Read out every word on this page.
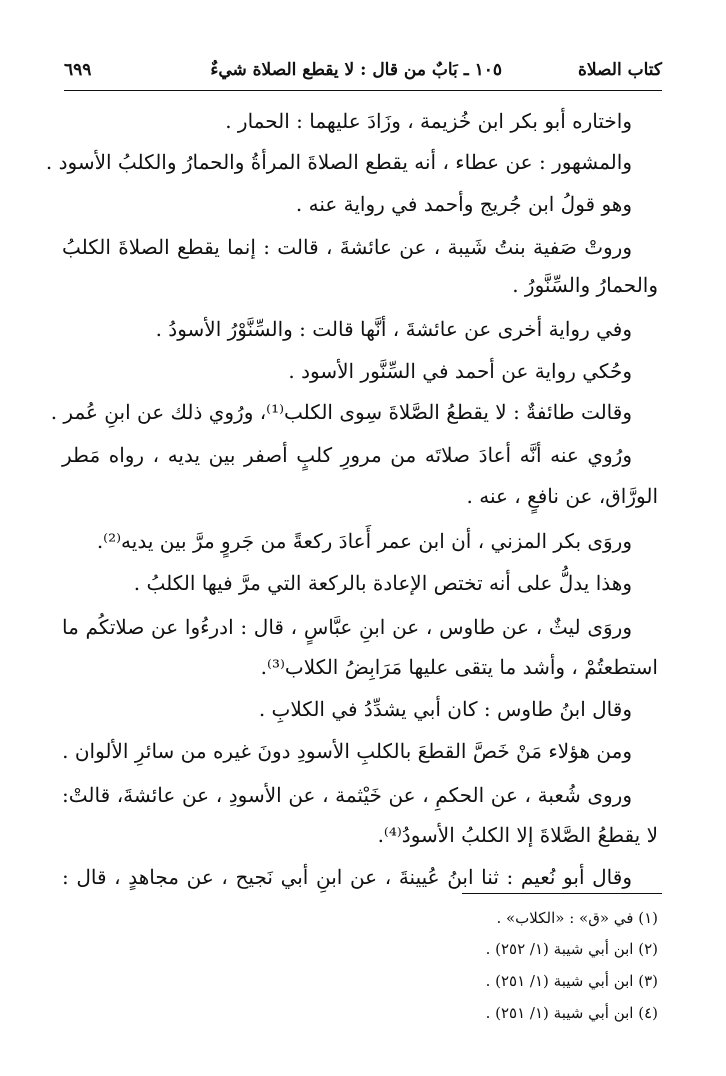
كتاب الصلاة
١٠٥ ـ بَابٌ من قال : لا يقطع الصلاة شيءٌ
٦٩٩
واختاره أبو بكر ابن خُزيمة ، وزَادَ عليهما : الحمار .
والمشهور : عن عطاء ، أنه يقطع الصلاةَ المرأةُ والحمارُ والكلبُ الأسود .
وهو قولُ ابن جُريج وأحمد في رواية عنه .
وروتْ صَفية بنتُ شَيبة ، عن عائشةَ ، قالت : إنما يقطع الصلاةَ الكلبُ
والحمارُ والسِّنَّورُ .
وفي رواية أخرى عن عائشةَ ، أنَّها قالت : والسِّنَّوْرُ الأسودُ .
وحُكي رواية عن أحمد في السِّنَّور الأسود .
وقالت طائفةٌ : لا يقطعُ الصَّلاةَ سِوى الكلب⁽¹⁾، ورُوي ذلك عن ابنِ عُمر .
ورُوي عنه أنَّه أعادَ صلاتَه من مرورِ كلبٍ أصفر بين يديه ، رواه مَطر
الورَّاق، عن نافعٍ ، عنه .
وروَى بكر المزني ، أن ابن عمر أَعادَ ركعةً من جَروٍ مرَّ بين يديه⁽²⁾.
وهذا يدلُّ على أنه تختص الإعادة بالركعة التي مرَّ فيها الكلبُ .
وروَى ليثٌ ، عن طاوس ، عن ابنِ عبَّاسٍ ، قال : ادرءُوا عن صلاتكُم ما
استطعتُمْ ، وأشد ما يتقى عليها مَرَابِضُ الكلاب⁽³⁾.
وقال ابنُ طاوس : كان أبي يشدِّدُ في الكلابِ .
ومن هؤلاء مَنْ خَصَّ القطعَ بالكلبِ الأسودِ دونَ غيره من سائرِ الألوان .
وروى شُعبة ، عن الحكمِ ، عن خَيْثمة ، عن الأسودِ ، عن عائشةَ، قالتْ:
لا يقطعُ الصَّلاةَ إلا الكلبُ الأسودُ⁽⁴⁾.
وقال أبو نُعيم : ثنا ابنُ عُيينةَ ، عن ابنِ أبي نَجيح ، عن مجاهدٍ ، قال :
(١) في «ق» : «الكلاب» .
(٢) ابن أبي شيبة (١/ ٢٥٢) .
(٣) ابن أبي شيبة (١/ ٢٥١) .
(٤) ابن أبي شيبة (١/ ٢٥١) .
